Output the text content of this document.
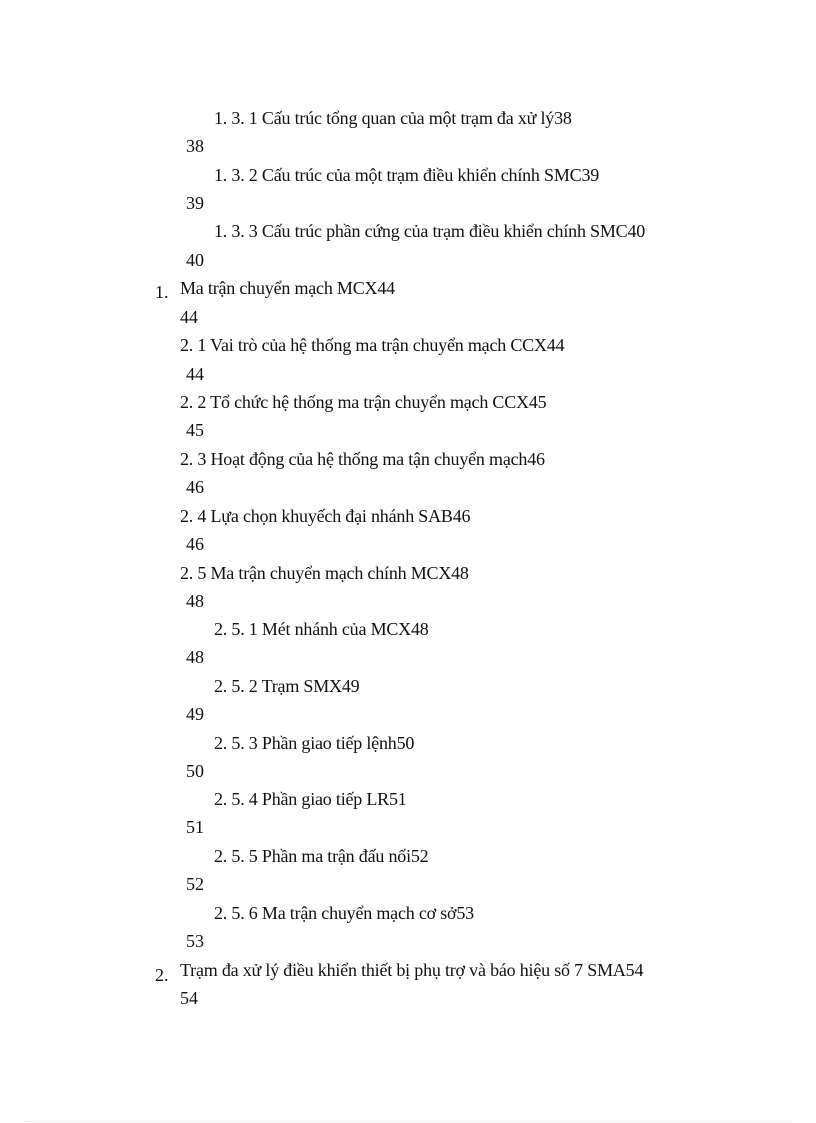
1. 3. 1 Cấu trúc tổng quan của một trạm đa xử lý38
38
1. 3. 2 Cấu trúc của một trạm điều khiển chính SMC39
39
1. 3. 3 Cấu trúc phần cứng của trạm điều khiển chính SMC40
40
1. Ma trận chuyển mạch MCX44
44
2. 1 Vai trò của hệ thống ma trận chuyển mạch CCX44
44
2. 2 Tổ chức hệ thống ma trận chuyển mạch CCX45
45
2. 3 Hoạt động của hệ thống ma tận chuyển mạch46
46
2. 4 Lựa chọn khuyếch đại nhánh SAB46
46
2. 5 Ma trận chuyển mạch chính MCX48
48
2. 5. 1 Mét nhánh của MCX48
48
2. 5. 2 Trạm SMX49
49
2. 5. 3 Phần giao tiếp lệnh50
50
2. 5. 4 Phần giao tiếp LR51
51
2. 5. 5 Phần ma trận đấu nối52
52
2. 5. 6 Ma trận chuyển mạch cơ sở53
53
2. Trạm đa xử lý điều khiển thiết bị phụ trợ và báo hiệu số 7 SMA54
54
